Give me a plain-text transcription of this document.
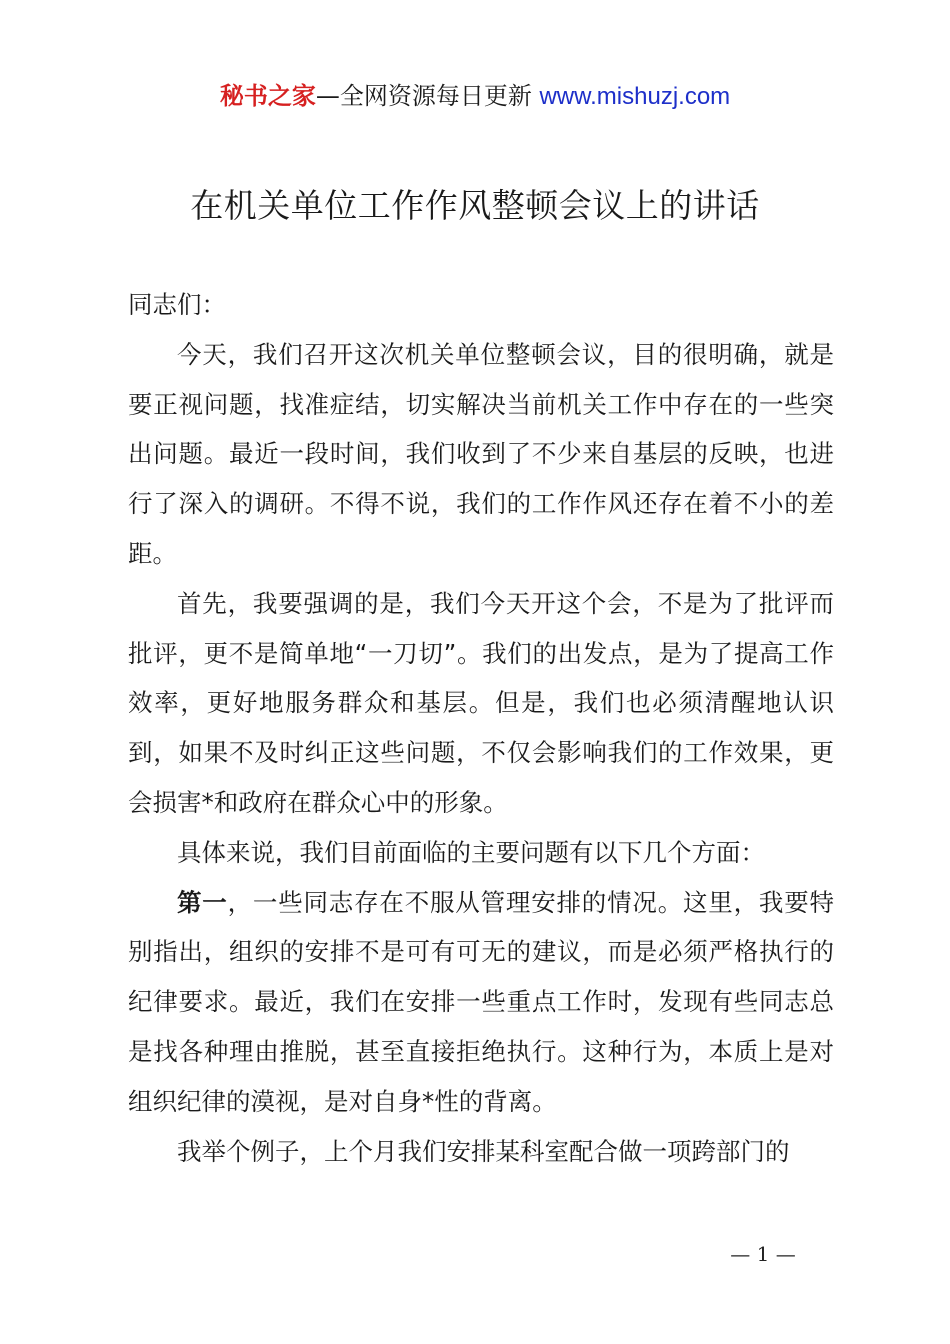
秘书之家—全网资源每日更新 www.mishuzj.com
在机关单位工作作风整顿会议上的讲话

同志们：

今天，我们召开这次机关单位整顿会议，目的很明确，就是要正视问题，找准症结，切实解决当前机关工作中存在的一些突出问题。最近一段时间，我们收到了不少来自基层的反映，也进行了深入的调研。不得不说，我们的工作作风还存在着不小的差距。

首先，我要强调的是，我们今天开这个会，不是为了批评而批评，更不是简单地“一刀切”。我们的出发点，是为了提高工作效率，更好地服务群众和基层。但是，我们也必须清醒地认识到，如果不及时纠正这些问题，不仅会影响我们的工作效果，更会损害*和政府在群众心中的形象。

具体来说，我们目前面临的主要问题有以下几个方面：

第一，一些同志存在不服从管理安排的情况。这里，我要特别指出，组织的安排不是可有可无的建议，而是必须严格执行的纪律要求。最近，我们在安排一些重点工作时，发现有些同志总是找各种理由推脱，甚至直接拒绝执行。这种行为，本质上是对组织纪律的漠视，是对自身*性的背离。

我举个例子，上个月我们安排某科室配合做一项跨部门的

— 1 —
